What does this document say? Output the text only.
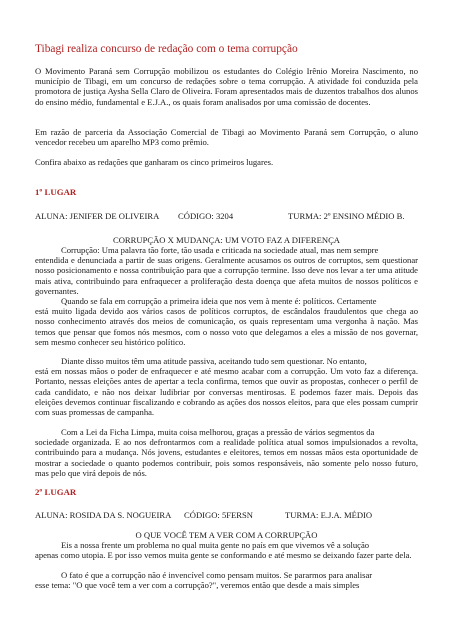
Tibagi realiza concurso de redação com o tema corrupção

O Movimento Paraná sem Corrupção mobilizou os estudantes do Colégio Irênio Moreira Nascimento, no município de Tibagi, em um concurso de redações sobre o tema corrupção. A atividade foi conduzida pela promotora de justiça Aysha Sella Claro de Oliveira. Foram apresentados mais de duzentos trabalhos dos alunos do ensino médio, fundamental e E.J.A., os quais foram analisados por uma comissão de docentes.

Em razão de parceria da Associação Comercial de Tibagi ao Movimento Paraná sem Corrupção, o aluno vencedor recebeu um aparelho MP3 como prêmio.

Confira abaixo as redações que ganharam os cinco primeiros lugares.

1º LUGAR
ALUNA: JENIFER DE OLIVEIRA	CÓDIGO: 3204	TURMA: 2º ENSINO MÉDIO B.
CORRUPÇÃO X MUDANÇA: UM VOTO FAZ A DIFERENÇA

Corrupção: Uma palavra tão forte, tão usada e criticada na sociedade atual, mas nem sempre

entendida e denunciada a partir de suas origens. Geralmente acusamos os outros de corruptos, sem questionar nosso posicionamento e nossa contribuição para que a corrupção termine. Isso deve nos levar a ter uma atitude mais ativa, contribuindo para enfraquecer a proliferação desta doença que afeta muitos de nossos políticos e governantes.

Quando se fala em corrupção a primeira ideia que nos vem à mente é: políticos. Certamente

está muito ligada devido aos vários casos de políticos corruptos, de escândalos fraudulentos que chega ao nosso conhecimento através dos meios de comunicação, os quais representam uma vergonha à nação. Mas temos que pensar que fomos nós mesmos, com o nosso voto que delegamos a eles a missão de nos governar, sem mesmo conhecer seu histórico político.

Diante disso muitos têm uma atitude passiva, aceitando tudo sem questionar. No entanto,

está em nossas mãos o poder de enfraquecer e até mesmo acabar com a corrupção. Um voto faz a diferença. Portanto, nessas eleições antes de apertar a tecla confirma, temos que ouvir as propostas, conhecer o perfil de cada candidato, e não nos deixar ludibriar por conversas mentirosas. E podemos fazer mais. Depois das eleições devemos continuar fiscalizando e cobrando as ações dos nossos eleitos, para que eles possam cumprir com suas promessas de campanha.

Com a Lei da Ficha Limpa, muita coisa melhorou, graças a pressão de vários segmentos da

sociedade organizada. E ao nos defrontarmos com a realidade política atual somos impulsionados a revolta, contribuindo para a mudança. Nós jovens, estudantes e eleitores, temos em nossas mãos esta oportunidade de mostrar a sociedade o quanto podemos contribuir, pois somos responsáveis, não somente pelo nosso futuro, mas pelo que virá depois de nós.

2º LUGAR
ALUNA: ROSIDA DA S. NOGUEIRA	CÓDIGO: 5FERSN	TURMA: E.J.A. MÉDIO
O QUE VOCÊ TEM A VER COM A CORRUPÇÃO

Eis a nossa frente um problema no qual muita gente no país em que vivemos vê a solução

apenas como utopia. E por isso vemos muita gente se conformando e até mesmo se deixando fazer parte dela.

O fato é que a corrupção não é invencível como pensam muitos. Se pararmos para analisar

esse tema: "O que você tem a ver com a corrupção?", veremos então que desde a mais simples
